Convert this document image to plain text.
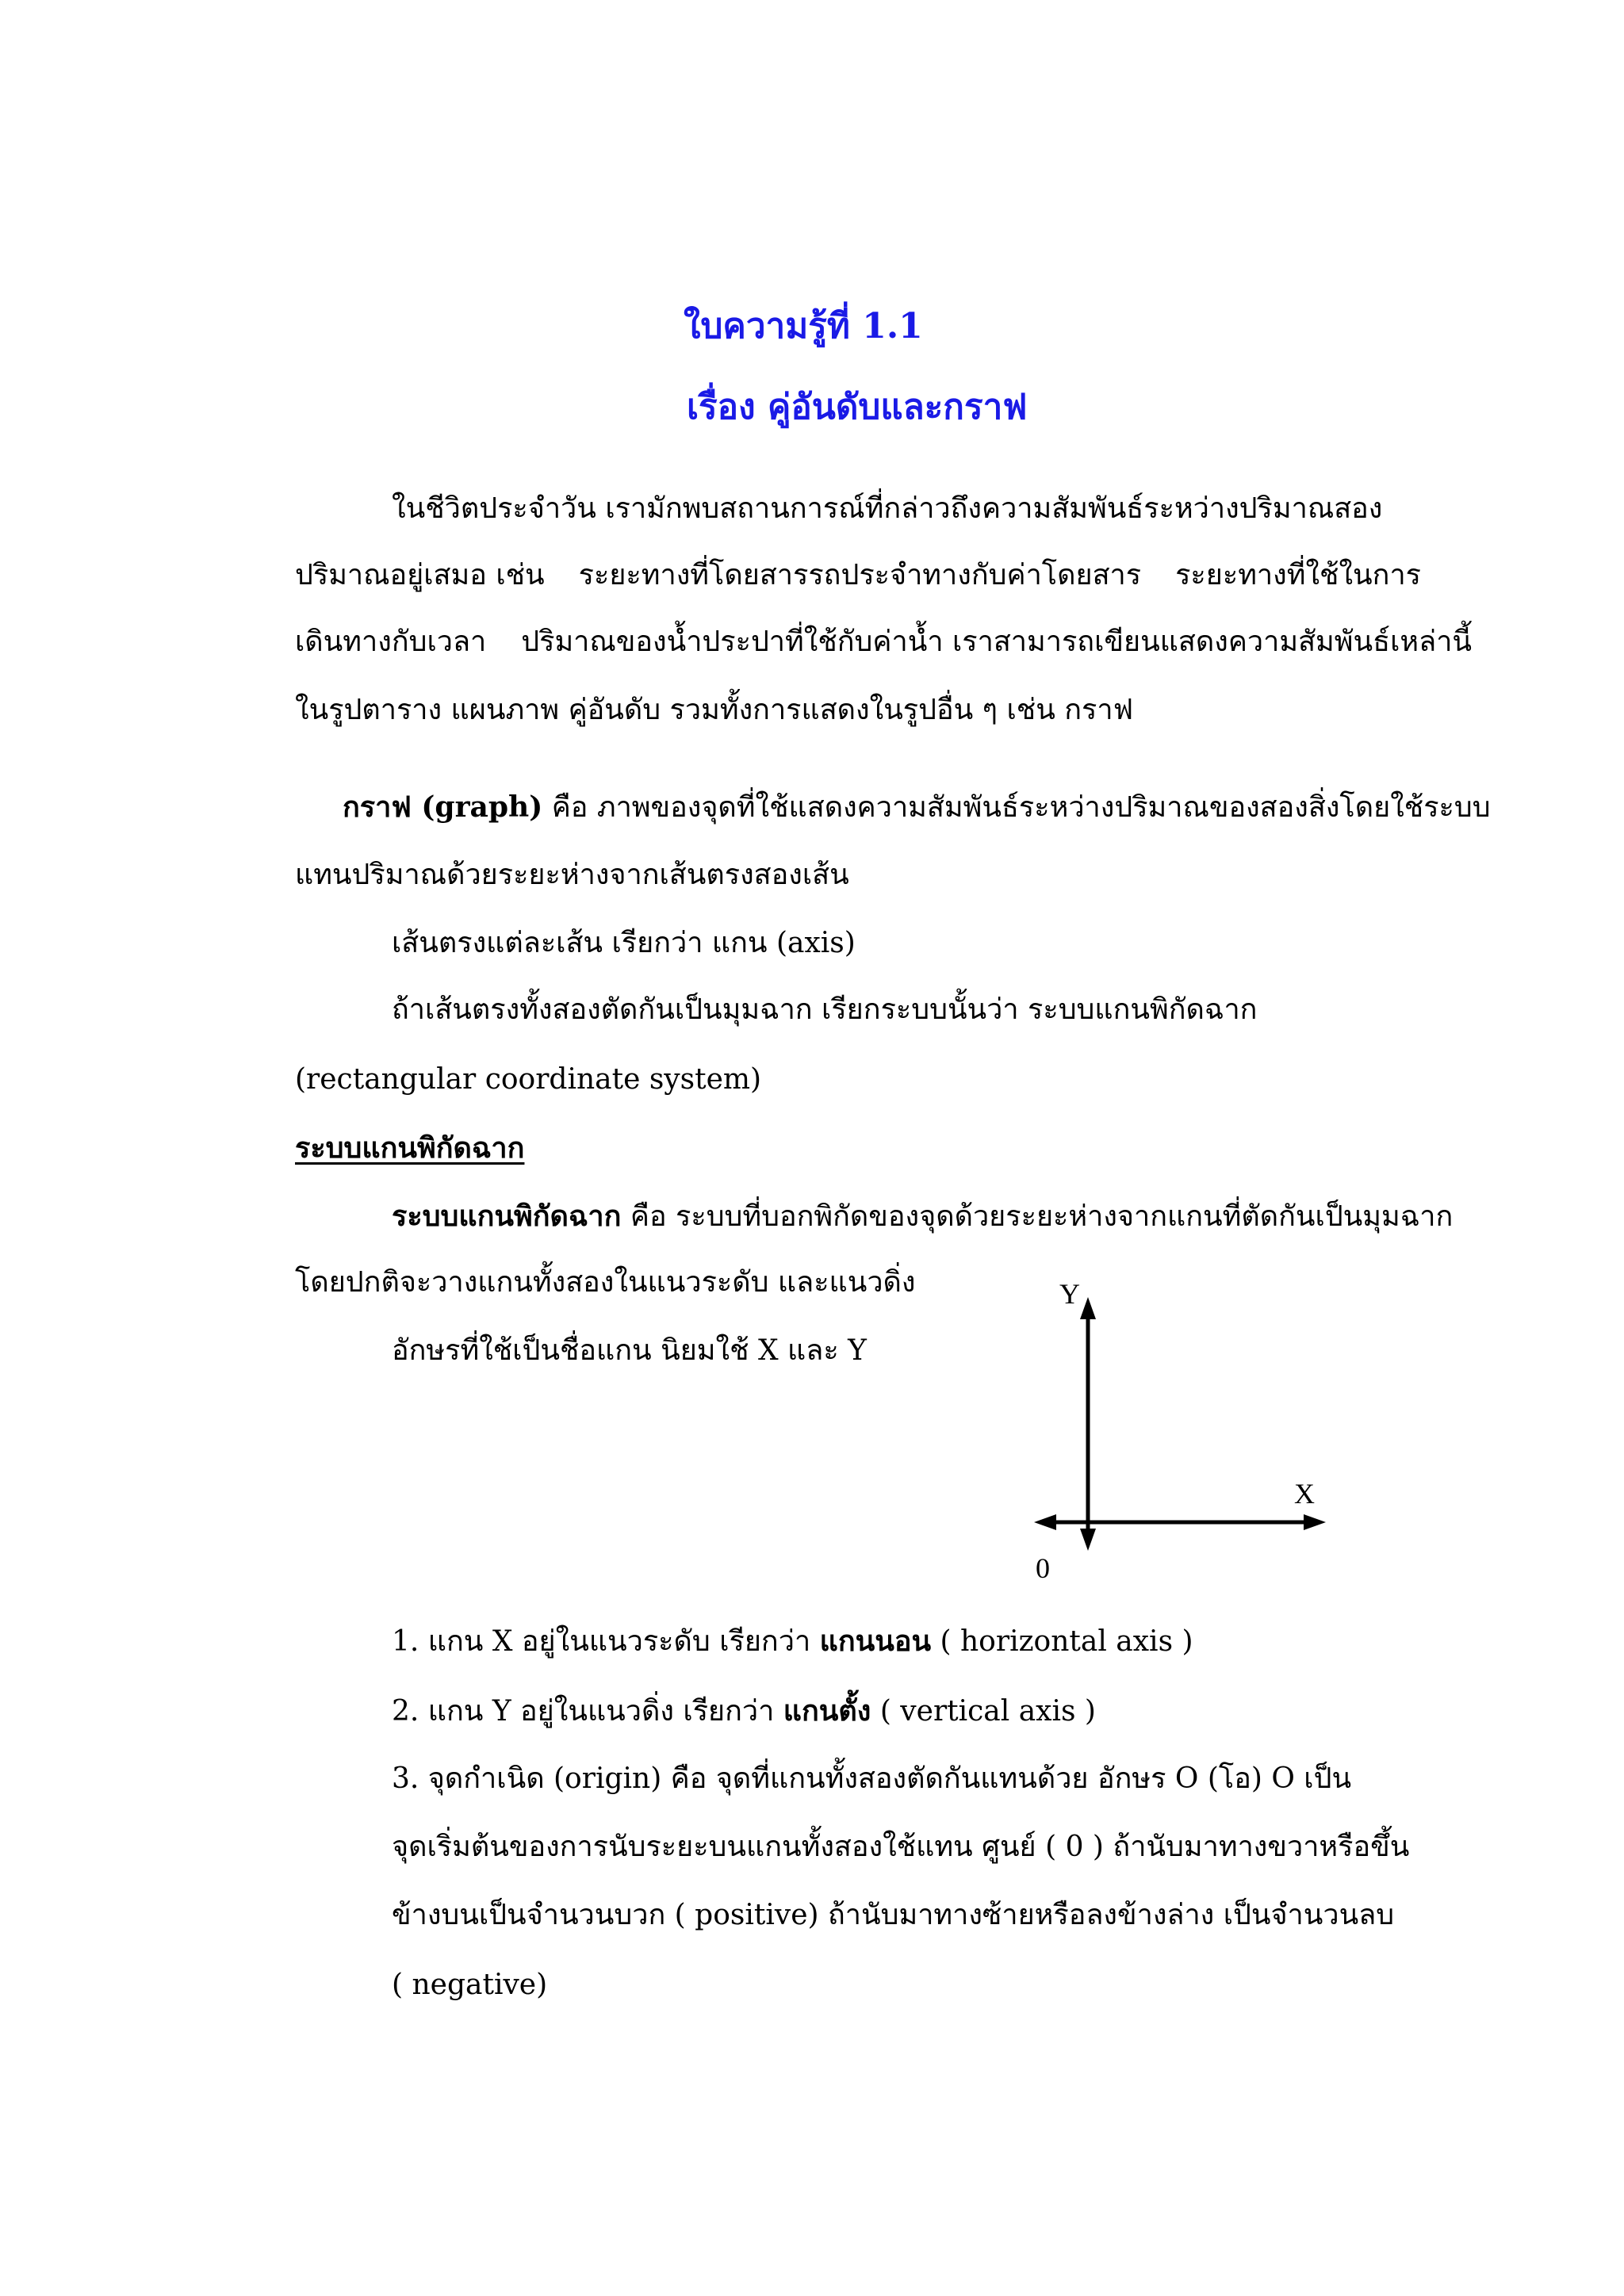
ใบความรู้ที่ 1.1
เรื่อง คู่อันดับและกราฟ
ในชีวิตประจำวัน เรามักพบสถานการณ์ที่กล่าวถึงความสัมพันธ์ระหว่างปริมาณสอง
ปริมาณอยู่เสมอ เช่น ระยะทางที่โดยสารรถประจำทางกับค่าโดยสาร ระยะทางที่ใช้ในการ
เดินทางกับเวลา ปริมาณของน้ำประปาที่ใช้กับค่าน้ำ เราสามารถเขียนแสดงความสัมพันธ์เหล่านี้
ในรูปตาราง แผนภาพ คู่อันดับ รวมทั้งการแสดงในรูปอื่น ๆ เช่น กราฟ
กราฟ (graph) คือ ภาพของจุดที่ใช้แสดงความสัมพันธ์ระหว่างปริมาณของสองสิ่งโดยใช้ระบบ
แทนปริมาณด้วยระยะห่างจากเส้นตรงสองเส้น
เส้นตรงแต่ละเส้น เรียกว่า แกน (axis)
ถ้าเส้นตรงทั้งสองตัดกันเป็นมุมฉาก เรียกระบบนั้นว่า ระบบแกนพิกัดฉาก
(rectangular coordinate system)
ระบบแกนพิกัดฉาก
ระบบแกนพิกัดฉาก คือ ระบบที่บอกพิกัดของจุดด้วยระยะห่างจากแกนที่ตัดกันเป็นมุมฉาก
โดยปกติจะวางแกนทั้งสองในแนวระดับ และแนวดิ่ง
อักษรที่ใช้เป็นชื่อแกน นิยมใช้ X และ Y
Y
X
0
1. แกน X อยู่ในแนวระดับ เรียกว่า แกนนอน ( horizontal axis )
2. แกน Y อยู่ในแนวดิ่ง เรียกว่า แกนตั้ง ( vertical axis )
3. จุดกำเนิด (origin) คือ จุดที่แกนทั้งสองตัดกันแทนด้วย อักษร O (โอ) O เป็น
จุดเริ่มต้นของการนับระยะบนแกนทั้งสองใช้แทน ศูนย์ ( 0 ) ถ้านับมาทางขวาหรือขึ้น
ข้างบนเป็นจำนวนบวก ( positive) ถ้านับมาทางซ้ายหรือลงข้างล่าง เป็นจำนวนลบ
( negative)
